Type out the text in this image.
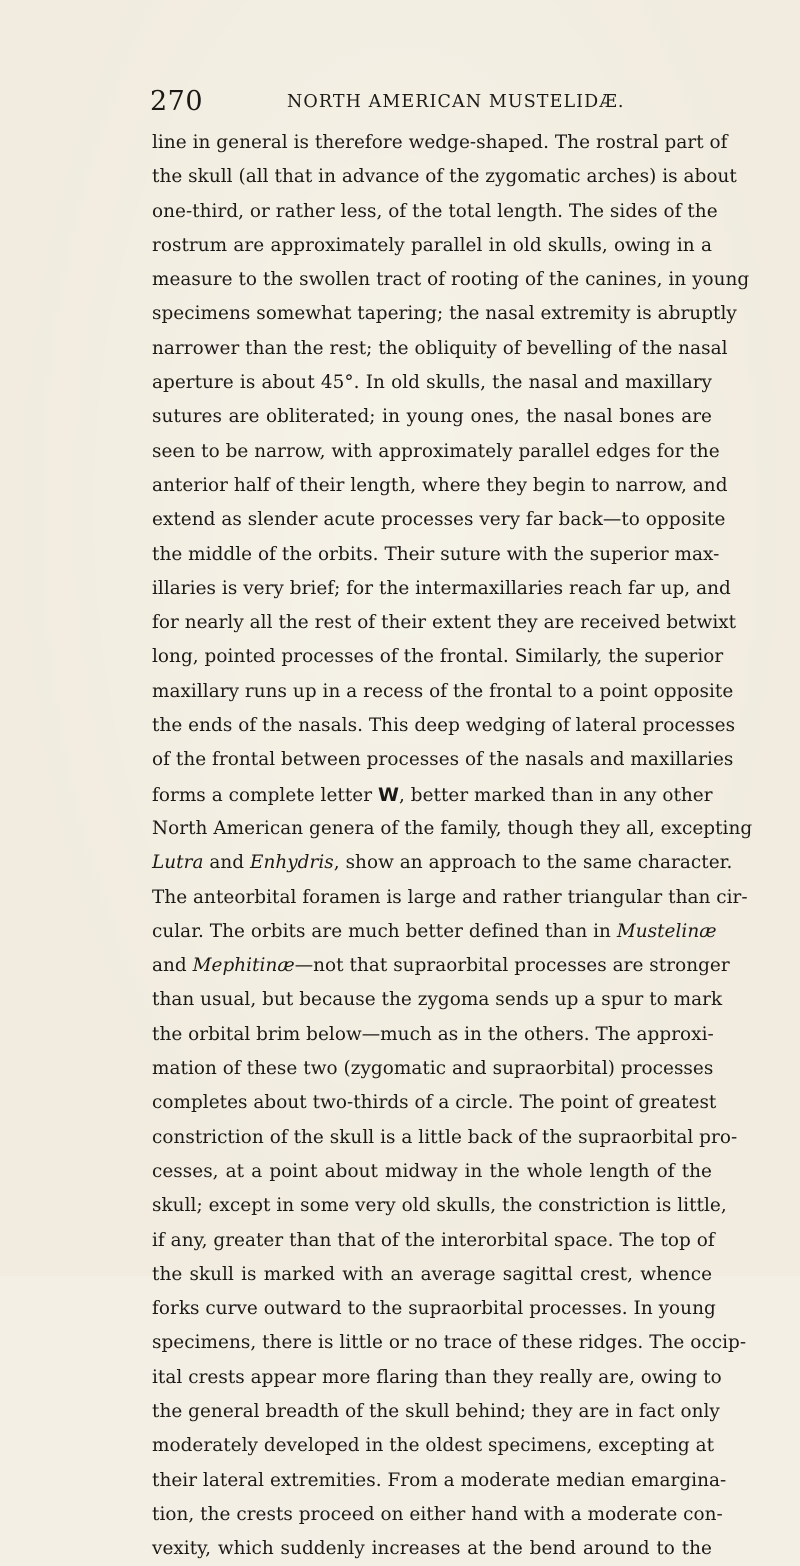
270	NORTH AMERICAN MUSTELIDÆ.
line in general is therefore wedge-shaped. The rostral part of
the skull (all that in advance of the zygomatic arches) is about
one-third, or rather less, of the total length. The sides of the
rostrum are approximately parallel in old skulls, owing in a
measure to the swollen tract of rooting of the canines, in young
specimens somewhat tapering; the nasal extremity is abruptly
narrower than the rest; the obliquity of bevelling of the nasal
aperture is about 45°. In old skulls, the nasal and maxillary
sutures are obliterated; in young ones, the nasal bones are
seen to be narrow, with approximately parallel edges for the
anterior half of their length, where they begin to narrow, and
extend as slender acute processes very far back—to opposite
the middle of the orbits. Their suture with the superior max-
illaries is very brief; for the intermaxillaries reach far up, and
for nearly all the rest of their extent they are received betwixt
long, pointed processes of the frontal. Similarly, the superior
maxillary runs up in a recess of the frontal to a point opposite
the ends of the nasals. This deep wedging of lateral processes
of the frontal between processes of the nasals and maxillaries
forms a complete letter W, better marked than in any other
North American genera of the family, though they all, excepting
Lutra and Enhydris, show an approach to the same character.
The anteorbital foramen is large and rather triangular than cir-
cular. The orbits are much better defined than in Mustelinæ
and Mephitinæ—not that supraorbital processes are stronger
than usual, but because the zygoma sends up a spur to mark
the orbital brim below—much as in the others. The approxi-
mation of these two (zygomatic and supraorbital) processes
completes about two-thirds of a circle. The point of greatest
constriction of the skull is a little back of the supraorbital pro-
cesses, at a point about midway in the whole length of the
skull; except in some very old skulls, the constriction is little,
if any, greater than that of the interorbital space. The top of
the skull is marked with an average sagittal crest, whence
forks curve outward to the supraorbital processes. In young
specimens, there is little or no trace of these ridges. The occip-
ital crests appear more flaring than they really are, owing to
the general breadth of the skull behind; they are in fact only
moderately developed in the oldest specimens, excepting at
their lateral extremities. From a moderate median emargina-
tion, the crests proceed on either hand with a moderate con-
vexity, which suddenly increases at the bend around to the
